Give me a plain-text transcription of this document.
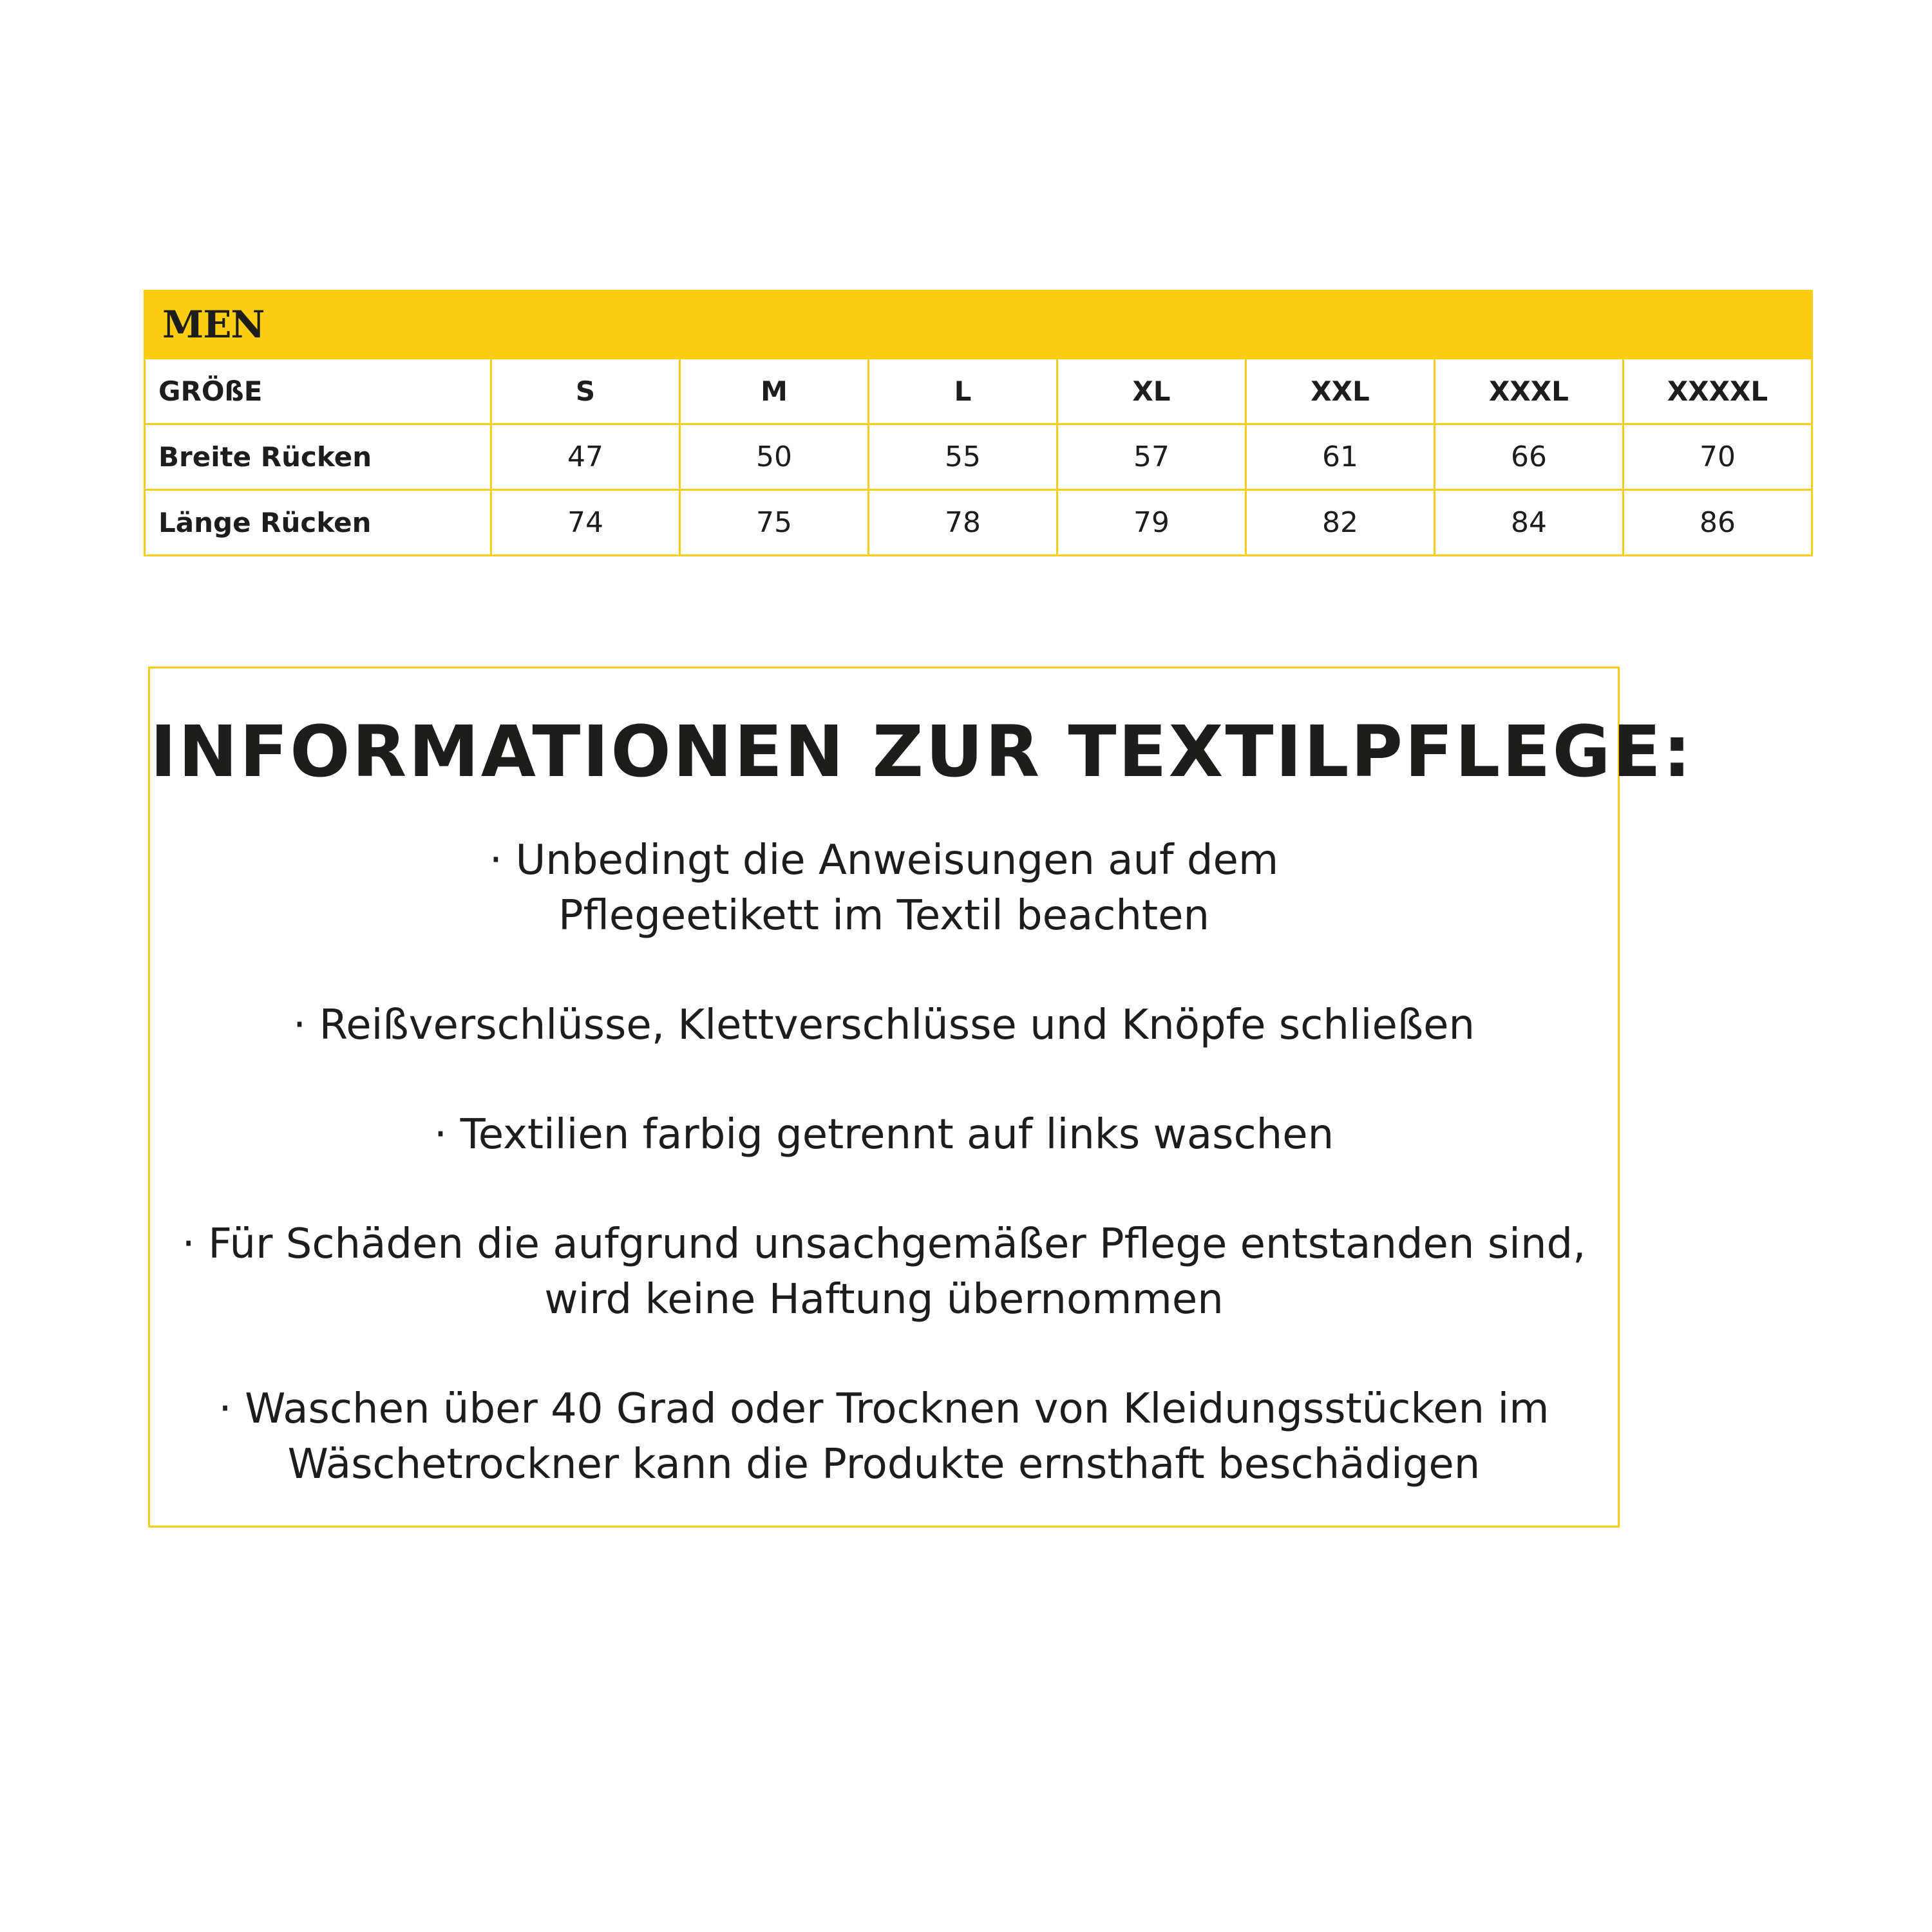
MEN							
GRÖßE	S	M	L	XL	XXL	XXXL	XXXXL
Breite Rücken	47	50	55	57	61	66	70
Länge Rücken	74	75	78	79	82	84	86
INFORMATIONEN ZUR TEXTILPFLEGE:
· Unbedingt die Anweisungen auf dem
Pflegeetikett im Textil beachten
· Reißverschlüsse, Klettverschlüsse und Knöpfe schließen
· Textilien farbig getrennt auf links waschen
· Für Schäden die aufgrund unsachgemäßer Pflege entstanden sind,
wird keine Haftung übernommen
· Waschen über 40 Grad oder Trocknen von Kleidungsstücken im
Wäschetrockner kann die Produkte ernsthaft beschädigen
